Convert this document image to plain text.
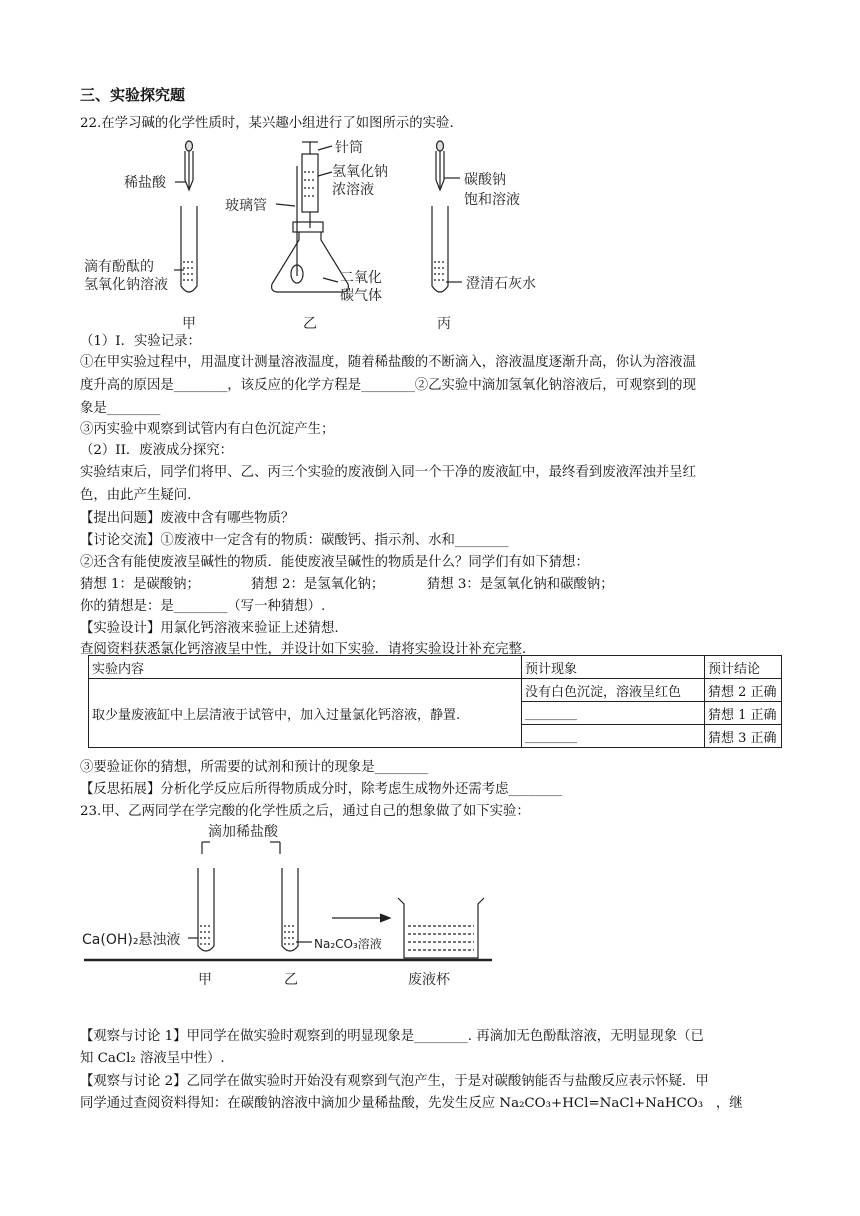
三、实验探究题
22.在学习碱的化学性质时，某兴趣小组进行了如图所示的实验.
稀盐酸
滴有酚酞的
氢氧化钠溶液
针筒
氢氧化钠
浓溶液
玻璃管
二氧化
碳气体
碳酸钠
饱和溶液
澄清石灰水
甲	乙	丙
（1）I．实验记录：
①在甲实验过程中，用温度计测量溶液温度，随着稀盐酸的不断滴入，溶液温度逐渐升高，你认为溶液温
度升高的原因是________，该反应的化学方程是________②乙实验中滴加氢氧化钠溶液后，可观察到的现
象是________
③丙实验中观察到试管内有白色沉淀产生；
（2）II．废液成分探究：
实验结束后，同学们将甲、乙、丙三个实验的废液倒入同一个干净的废液缸中，最终看到废液浑浊并呈红
色，由此产生疑问.
【提出问题】废液中含有哪些物质？
【讨论交流】①废液中一定含有的物质：碳酸钙、指示剂、水和________
②还含有能使废液呈碱性的物质．能使废液呈碱性的物质是什么？同学们有如下猜想：
猜想 1：是碳酸钠；            猜想 2：是氢氧化钠；          猜想 3：是氢氧化钠和碳酸钠；
你的猜想是：是________（写一种猜想）.
【实验设计】用氯化钙溶液来验证上述猜想.
查阅资料获悉氯化钙溶液呈中性，并设计如下实验．请将实验设计补充完整.
实验内容	预计现象	预计结论
取少量废液缸中上层清液于试管中，加入过量氯化钙溶液，静置.	没有白色沉淀，溶液呈红色	猜想 2 正确
	________	猜想 1 正确
	________	猜想 3 正确
③要验证你的猜想，所需要的试剂和预计的现象是________
【反思拓展】分析化学反应后所得物质成分时，除考虑生成物外还需考虑________
23.甲、乙两同学在学完酸的化学性质之后，通过自己的想象做了如下实验：
滴加稀盐酸
Ca(OH)₂悬浊液	Na₂CO₃溶液
甲	乙	废液杯
【观察与讨论 1】甲同学在做实验时观察到的明显现象是________. 再滴加无色酚酞溶液，无明显现象（已
知 CaCl₂ 溶液呈中性）.
【观察与讨论 2】乙同学在做实验时开始没有观察到气泡产生，于是对碳酸钠能否与盐酸反应表示怀疑．甲
同学通过查阅资料得知：在碳酸钠溶液中滴加少量稀盐酸，先发生反应 Na₂CO₃+HCl=NaCl+NaHCO₃   ，继
